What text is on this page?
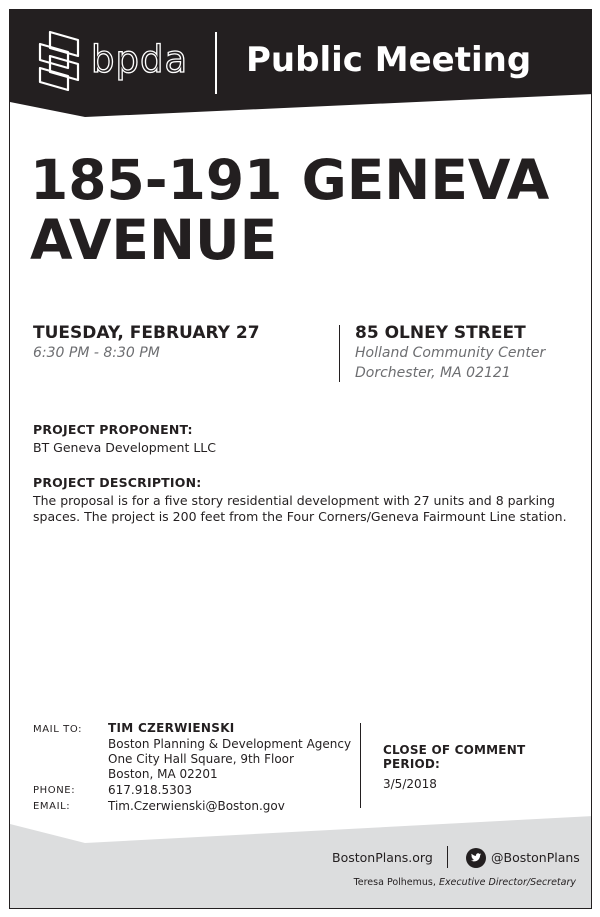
bpda Public Meeting
185-191 GENEVA AVENUE
TUESDAY, FEBRUARY 27
6:30 PM - 8:30 PM
85 OLNEY STREET
Holland Community Center
Dorchester, MA 02121
PROJECT PROPONENT:
BT Geneva Development LLC
PROJECT DESCRIPTION:
The proposal is for a five story residential development with 27 units and 8 parking spaces. The project is 200 feet from the Four Corners/Geneva Fairmount Line station.
MAIL TO: TIM CZERWIENSKI
Boston Planning & Development Agency
One City Hall Square, 9th Floor
Boston, MA 02201
PHONE:	617.918.5303
EMAIL:	Tim.Czerwienski@Boston.gov
CLOSE OF COMMENT PERIOD:
3/5/2018
BostonPlans.org	@BostonPlans
Teresa Polhemus, Executive Director/Secretary
